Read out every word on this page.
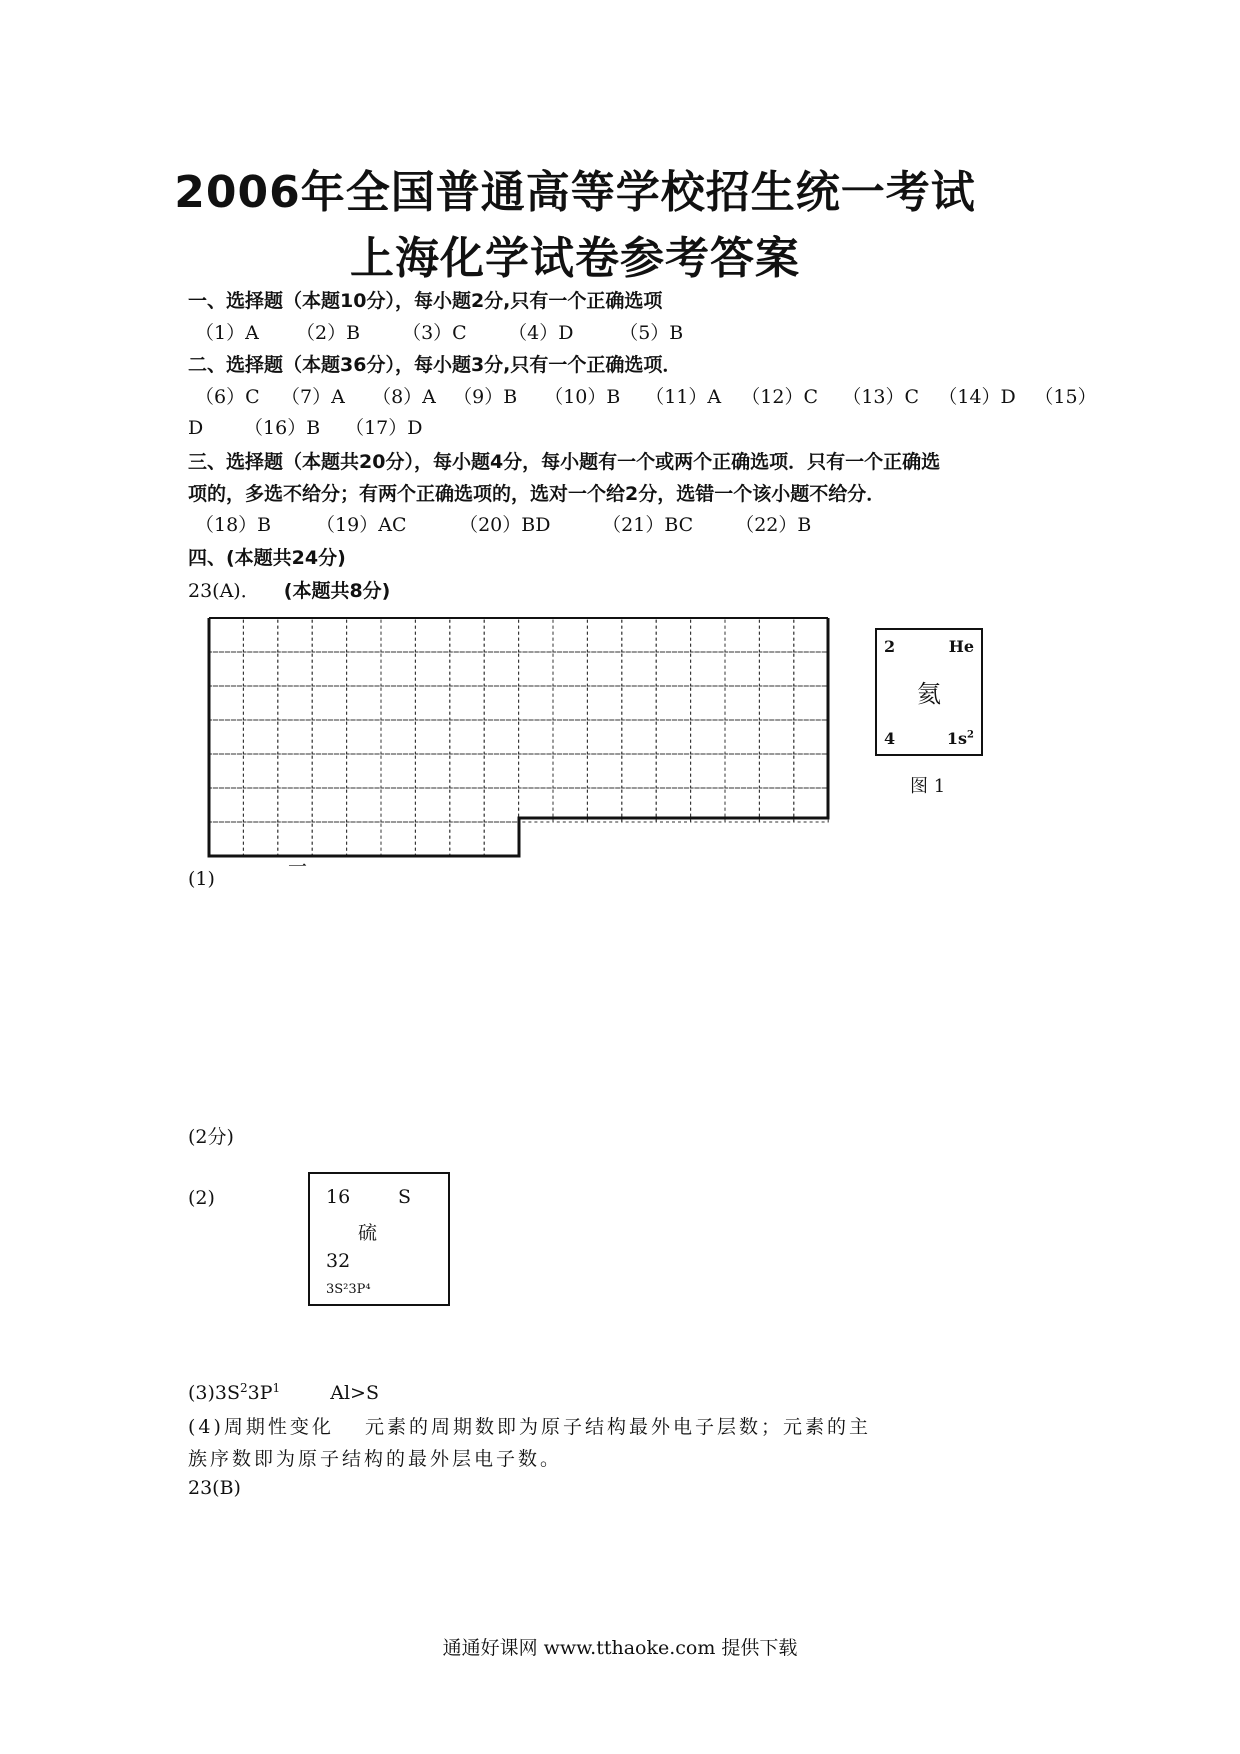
2006年全国普通高等学校招生统一考试
上海化学试卷参考答案
一、选择题（本题10分），每小题2分,只有一个正确选项
（1）A （2）B （3）C （4）D （5）B
二、选择题（本题36分），每小题3分,只有一个正确选项．
（6）C （7）A （8）A （9）B （10）B （11）A （12）C （13）C （14）D （15）
D （16）B （17）D
三、选择题（本题共20分），每小题4分，每小题有一个或两个正确选项．只有一个正确选
项的，多选不给分；有两个正确选项的，选对一个给2分，选错一个该小题不给分．
（18）B （19）AC	（20）BD	（21）BC （22）B
四、(本题共24分)
23(A)． (本题共8分)
2	He
氦
4	$1s^2$
图 1
(1)
一
(2分)
(2)	16	S
硫
32
3S²3P⁴
$(3)3S^23P^1$	Al>S
(4)周期性变化　 元素的周期数即为原子结构最外电子层数；元素的主
族序数即为原子结构的最外层电子数。
23(B)
通通好课网 www.tthaoke.com 提供下载
